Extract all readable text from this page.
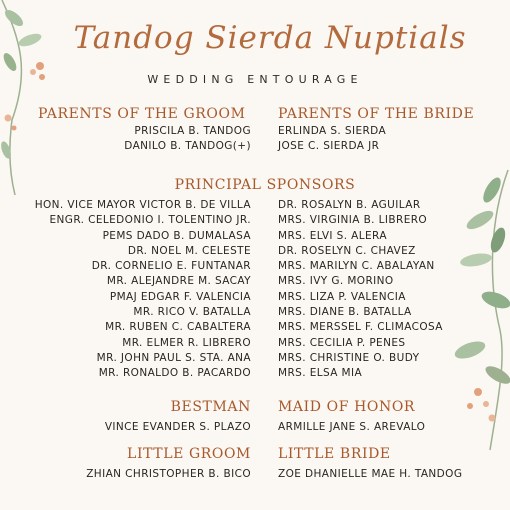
Tandog Sierda Nuptials
WEDDING ENTOURAGE
PARENTS OF THE GROOM PARENTS OF THE BRIDE
PRISCILA B. TANDOG
DANILO B. TANDOG(+)
ERLINDA S. SIERDA
JOSE C. SIERDA JR
PRINCIPAL SPONSORS
HON. VICE MAYOR VICTOR B. DE VILLA
ENGR. CELEDONIO I. TOLENTINO JR.
PEMS DADO B. DUMALASA
DR. NOEL M. CELESTE
DR. CORNELIO E. FUNTANAR
MR. ALEJANDRE M. SACAY
PMAJ EDGAR F. VALENCIA
MR. RICO V. BATALLA
MR. RUBEN C. CABALTERA
MR. ELMER R. LIBRERO
MR. JOHN PAUL S. STA. ANA
MR. RONALDO B. PACARDO
DR. ROSALYN B. AGUILAR
MRS. VIRGINIA B. LIBRERO
MRS. ELVI S. ALERA
DR. ROSELYN C. CHAVEZ
MRS. MARILYN C. ABALAYAN
MRS. IVY G. MORINO
MRS. LIZA P. VALENCIA
MRS. DIANE B. BATALLA
MRS. MERSSEL F. CLIMACOSA
MRS. CECILIA P. PENES
MRS. CHRISTINE O. BUDY
MRS. ELSA MIA
BESTMAN MAID OF HONOR
VINCE EVANDER S. PLAZO	ARMILLE JANE S. AREVALO
LITTLE GROOM LITTLE BRIDE
ZHIAN CHRISTOPHER B. BICO	ZOE DHANIELLE MAE H. TANDOG
